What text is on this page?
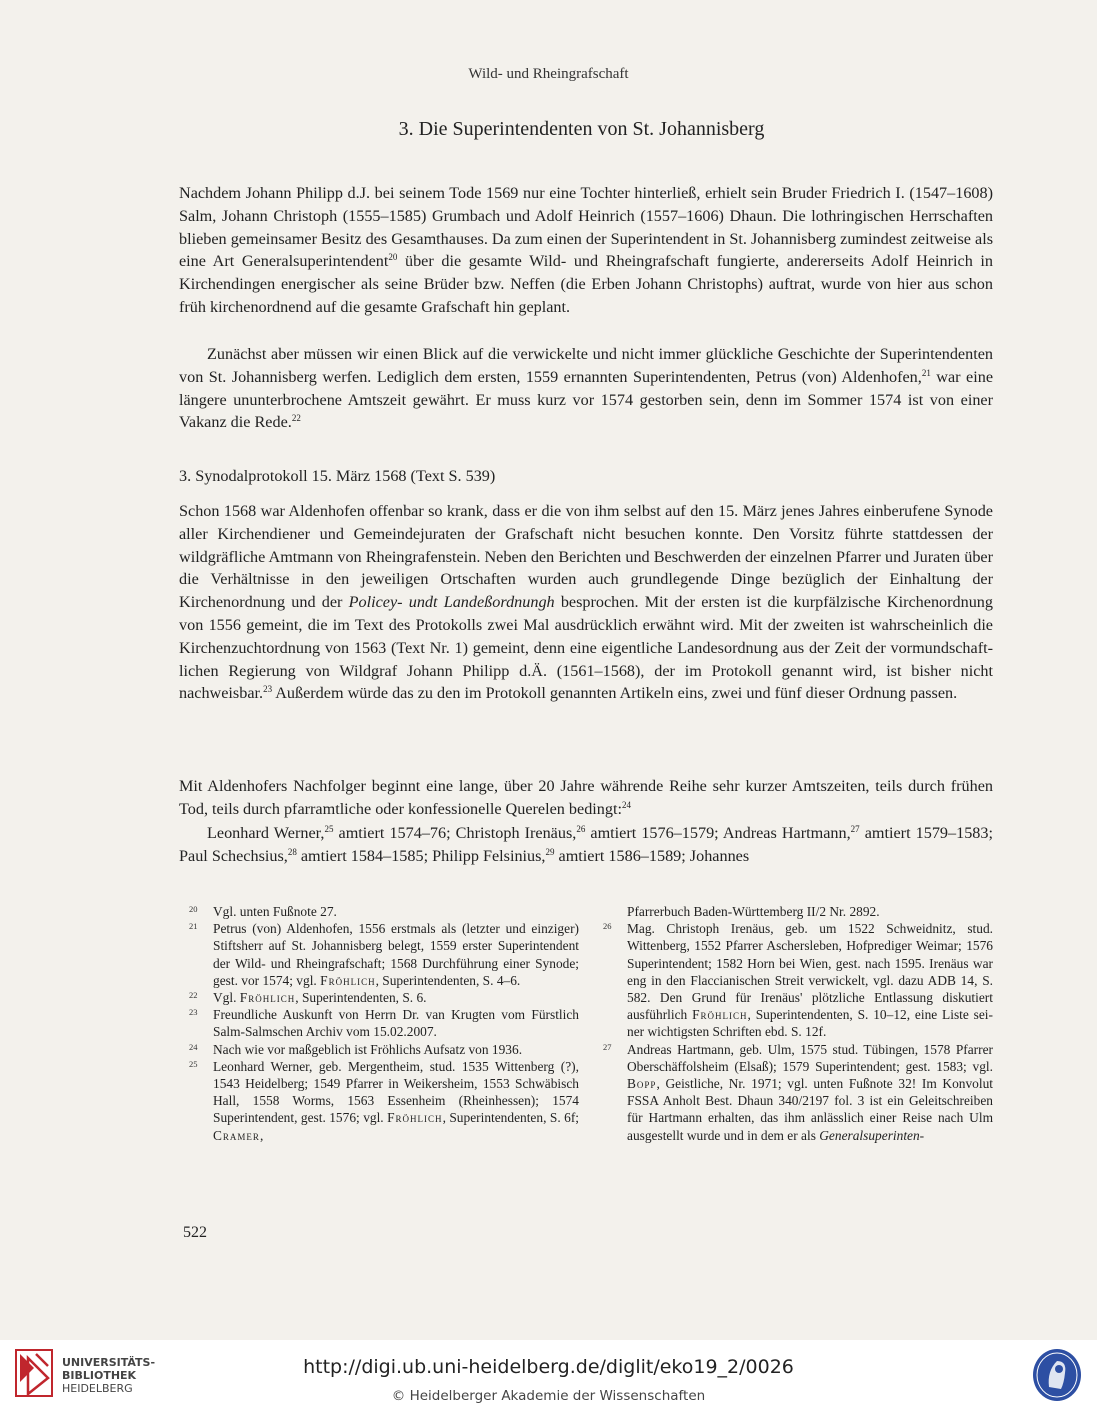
Wild- und Rheingrafschaft
3. Die Superintendenten von St. Johannisberg

Nachdem Johann Philipp d.J. bei seinem Tode 1569 nur eine Tochter hinterließ, erhielt sein Bruder Friedrich I. (1547–1608) Salm, Johann Christoph (1555–1585) Grumbach und Adolf Heinrich (1557–1606) Dhaun. Die lothringischen Herrschaften blieben gemeinsamer Besitz des Gesamthauses. Da zum einen der Superintendent in St. Johannisberg zumindest zeitweise als eine Art Generalsuperintendent$^{20}$ über die gesamte Wild- und Rheingrafschaft fungierte, andererseits Adolf Heinrich in Kirchendingen energischer als seine Brüder bzw. Neffen (die Erben Johann Christophs) auftrat, wurde von hier aus schon früh kirchenordnend auf die gesamte Grafschaft hin geplant.

Zunächst aber müssen wir einen Blick auf die verwickelte und nicht immer glückliche Geschichte der Superintendenten von St. Johannisberg werfen. Lediglich dem ersten, 1559 ernannten Superintendenten, Petrus (von) Aldenhofen,$^{21}$ war eine längere ununterbrochene Amtszeit gewährt. Er muss kurz vor 1574 gestorben sein, denn im Sommer 1574 ist von einer Vakanz die Rede.$^{22}$

3. Synodalprotokoll 15. März 1568 (Text S. 539)

Schon 1568 war Aldenhofen offenbar so krank, dass er die von ihm selbst auf den 15. März jenes Jahres einberufene Synode aller Kirchendiener und Gemeindejuraten der Grafschaft nicht besuchen konnte. Den Vorsitz führte stattdessen der wildgräfliche Amtmann von Rheingrafenstein. Neben den Berichten und Beschwerden der einzelnen Pfarrer und Juraten über die Verhältnisse in den jeweiligen Ortschaften wurden auch grundlegende Dinge bezüglich der Einhaltung der Kirchenordnung und der Policey- undt Landeßordnungh besprochen. Mit der ersten ist die kurpfälzische Kirchenordnung von 1556 gemeint, die im Text des Protokolls zwei Mal ausdrücklich erwähnt wird. Mit der zweiten ist wahrscheinlich die Kirchenzuchtordnung von 1563 (Text Nr. 1) gemeint, denn eine eigentliche Landesordnung aus der Zeit der vormundschaftlichen Regierung von Wildgraf Johann Philipp d.Ä. (1561–1568), der im Protokoll genannt wird, ist bisher nicht nachweisbar.$^{23}$ Außerdem würde das zu den im Protokoll genannten Artikeln eins, zwei und fünf dieser Ordnung passen.

Mit Aldenhofers Nachfolger beginnt eine lange, über 20 Jahre währende Reihe sehr kurzer Amtszeiten, teils durch frühen Tod, teils durch pfarramtliche oder konfessionelle Querelen bedingt:$^{24}$

Leonhard Werner,$^{25}$ amtiert 1574–76; Christoph Irenäus,$^{26}$ amtiert 1576–1579; Andreas Hartmann,$^{27}$ amtiert 1579–1583; Paul Schechsius,$^{28}$ amtiert 1584–1585; Philipp Felsinius,$^{29}$ amtiert 1586–1589; Johannes

20	Vgl. unten Fußnote 27.
21	Petrus (von) Aldenhofen, 1556 erstmals als (letzter und einziger) Stiftsherr auf St. Johannisberg belegt, 1559 erster Superintendent der Wild- und Rheingrafschaft; 1568 Durchführung einer Synode; gest. vor 1574; vgl. Fröhlich, Superintendenten, S. 4–6.
22	Vgl. Fröhlich, Superintendenten, S. 6.
23	Freundliche Auskunft von Herrn Dr. van Krugten vom Fürstlich Salm-Salmschen Archiv vom 15.02.2007.
24	Nach wie vor maßgeblich ist Fröhlichs Aufsatz von 1936.
25	Leonhard Werner, geb. Mergentheim, stud. 1535 Wittenberg (?), 1543 Heidelberg; 1549 Pfarrer in Weikersheim, 1553 Schwäbisch Hall, 1558 Worms, 1563 Essenheim (Rheinhessen); 1574 Superintendent, gest. 1576; vgl. Fröhlich, Superintendenten, S. 6f; Cramer,
Pfarrerbuch Baden-Württemberg II/2 Nr. 2892.
26	Mag. Christoph Irenäus, geb. um 1522 Schweidnitz, stud. Wittenberg, 1552 Pfarrer Aschersleben, Hofprediger Weimar; 1576 Superintendent; 1582 Horn bei Wien, gest. nach 1595. Irenäus war eng in den Flaccianischen Streit verwickelt, vgl. dazu ADB 14, S. 582. Den Grund für Irenäus' plötzliche Entlassung diskutiert ausführlich Fröhlich, Superintendenten, S. 10–12, eine Liste seiner wichtigsten Schriften ebd. S. 12f.
27	Andreas Hartmann, geb. Ulm, 1575 stud. Tübingen, 1578 Pfarrer Oberschäffolsheim (Elsaß); 1579 Superintendent; gest. 1583; vgl. Bopp, Geistliche, Nr. 1971; vgl. unten Fußnote 32! Im Konvolut FSSA Anholt Best. Dhaun 340/2197 fol. 3 ist ein Geleitschreiben für Hartmann erhalten, das ihm anlässlich einer Reise nach Ulm ausgestellt wurde und in dem er als Generalsuperinten-
522
UNIVERSITÄTS-
BIBLIOTHEK
HEIDELBERG
http://digi.ub.uni-heidelberg.de/diglit/eko19_2/0026
© Heidelberger Akademie der Wissenschaften
